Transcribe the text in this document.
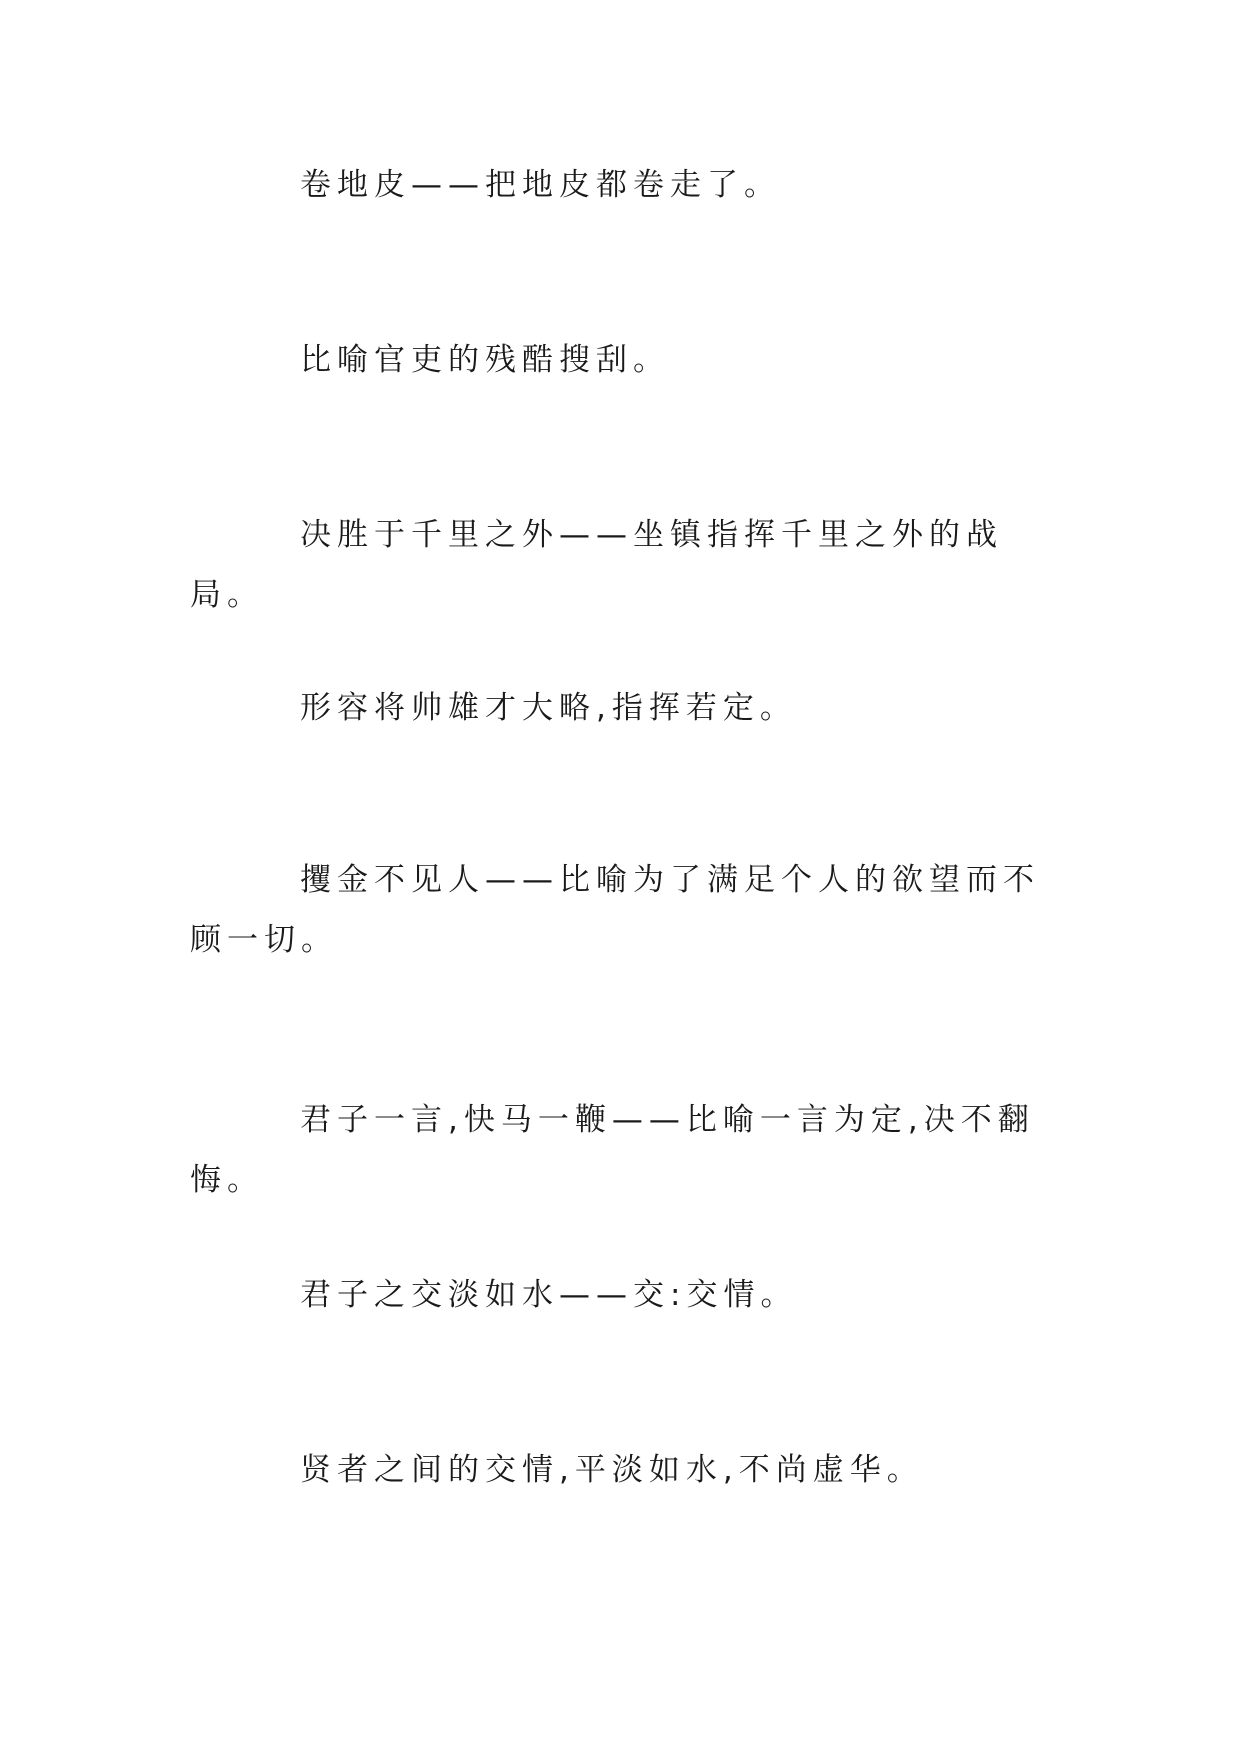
卷地皮——把地皮都卷走了。

比喻官吏的残酷搜刮。

决胜于千里之外——坐镇指挥千里之外的战局。

形容将帅雄才大略,指挥若定。

攫金不见人——比喻为了满足个人的欲望而不顾一切。

君子一言,快马一鞭——比喻一言为定,决不翻悔。

君子之交淡如水——交:交情。

贤者之间的交情,平淡如水,不尚虚华。
